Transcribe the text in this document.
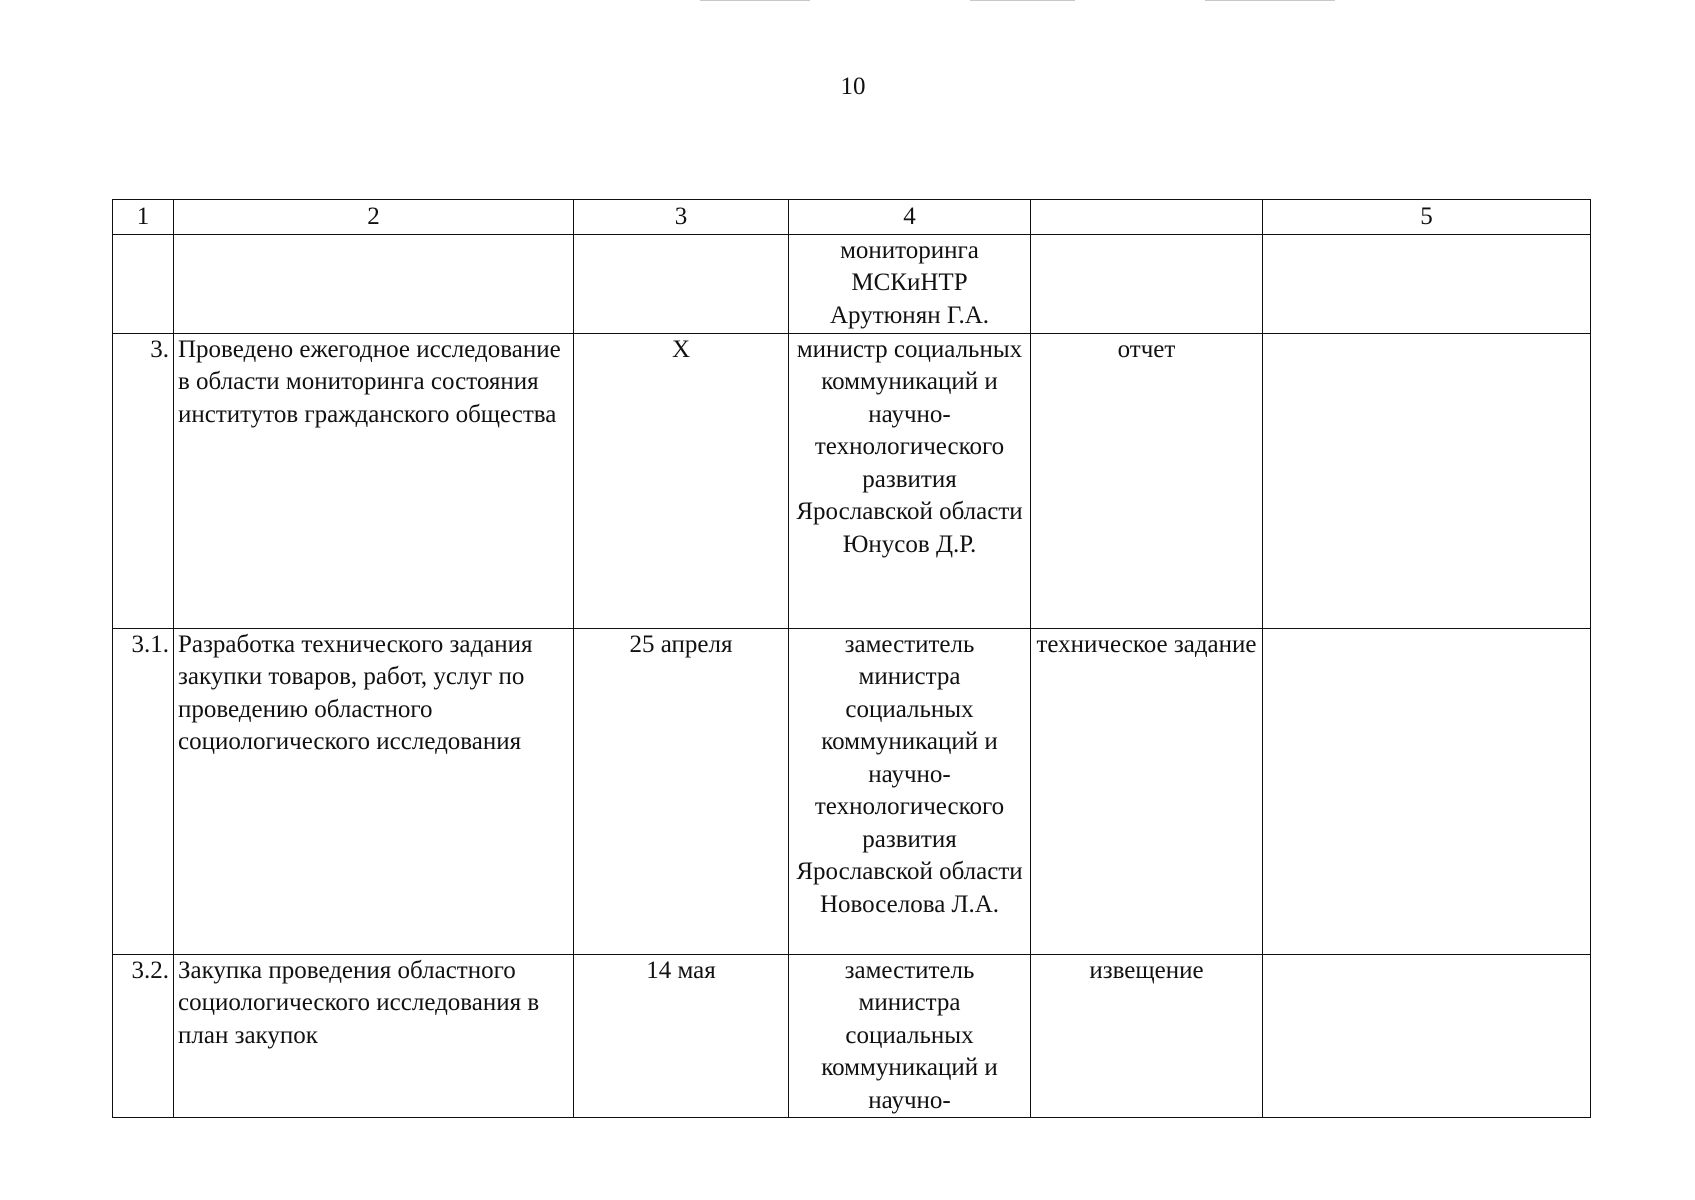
10
1	2	3	4		5
			мониторинга МСКиНТР Арутюнян Г.А.		
3.	Проведено ежегодное исследование в области мониторинга состояния институтов гражданского общества	Х	министр социальных коммуникаций и научно-технологического развития Ярославской области Юнусов Д.Р.	отчет	
3.1.	Разработка технического задания закупки товаров, работ, услуг по проведению областного социологического исследования	25 апреля	заместитель министра социальных коммуникаций и научно-технологического развития Ярославской области Новоселова Л.А.	техническое задание	
3.2.	Закупка проведения областного социологического исследования в план закупок	14 мая	заместитель министра социальных коммуникаций и научно-	извещение	
